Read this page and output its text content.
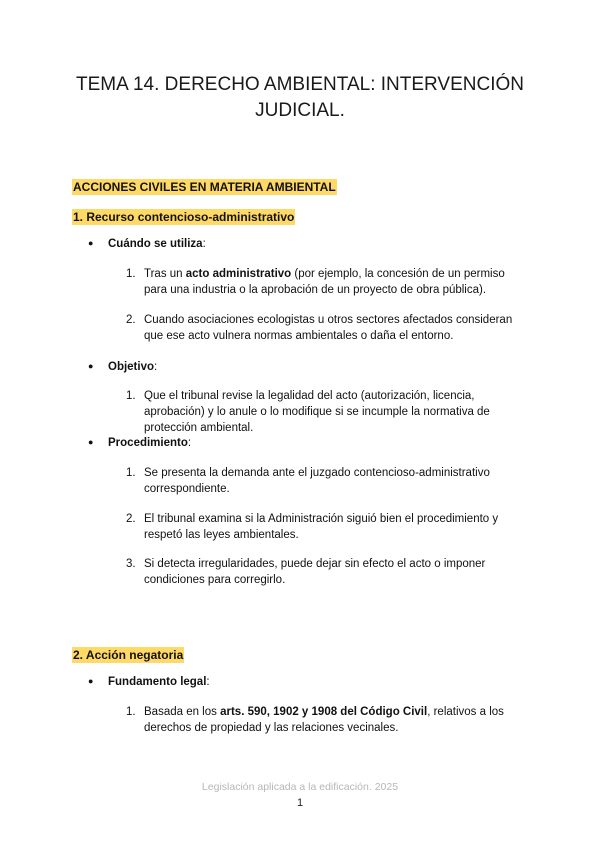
TEMA 14. DERECHO AMBIENTAL: INTERVENCIÓN JUDICIAL.
ACCIONES CIVILES EN MATERIA AMBIENTAL
1. Recurso contencioso-administrativo
● Cuándo se utiliza:
1. Tras un acto administrativo (por ejemplo, la concesión de un permiso para una industria o la aprobación de un proyecto de obra pública).
2. Cuando asociaciones ecologistas u otros sectores afectados consideran que ese acto vulnera normas ambientales o daña el entorno.
● Objetivo:
1. Que el tribunal revise la legalidad del acto (autorización, licencia, aprobación) y lo anule o lo modifique si se incumple la normativa de protección ambiental.
● Procedimiento:
1. Se presenta la demanda ante el juzgado contencioso-administrativo correspondiente.
2. El tribunal examina si la Administración siguió bien el procedimiento y respetó las leyes ambientales.
3. Si detecta irregularidades, puede dejar sin efecto el acto o imponer condiciones para corregirlo.
2. Acción negatoria
● Fundamento legal:
1. Basada en los arts. 590, 1902 y 1908 del Código Civil, relativos a los derechos de propiedad y las relaciones vecinales.
Legislación aplicada a la edificación. 2025
1
